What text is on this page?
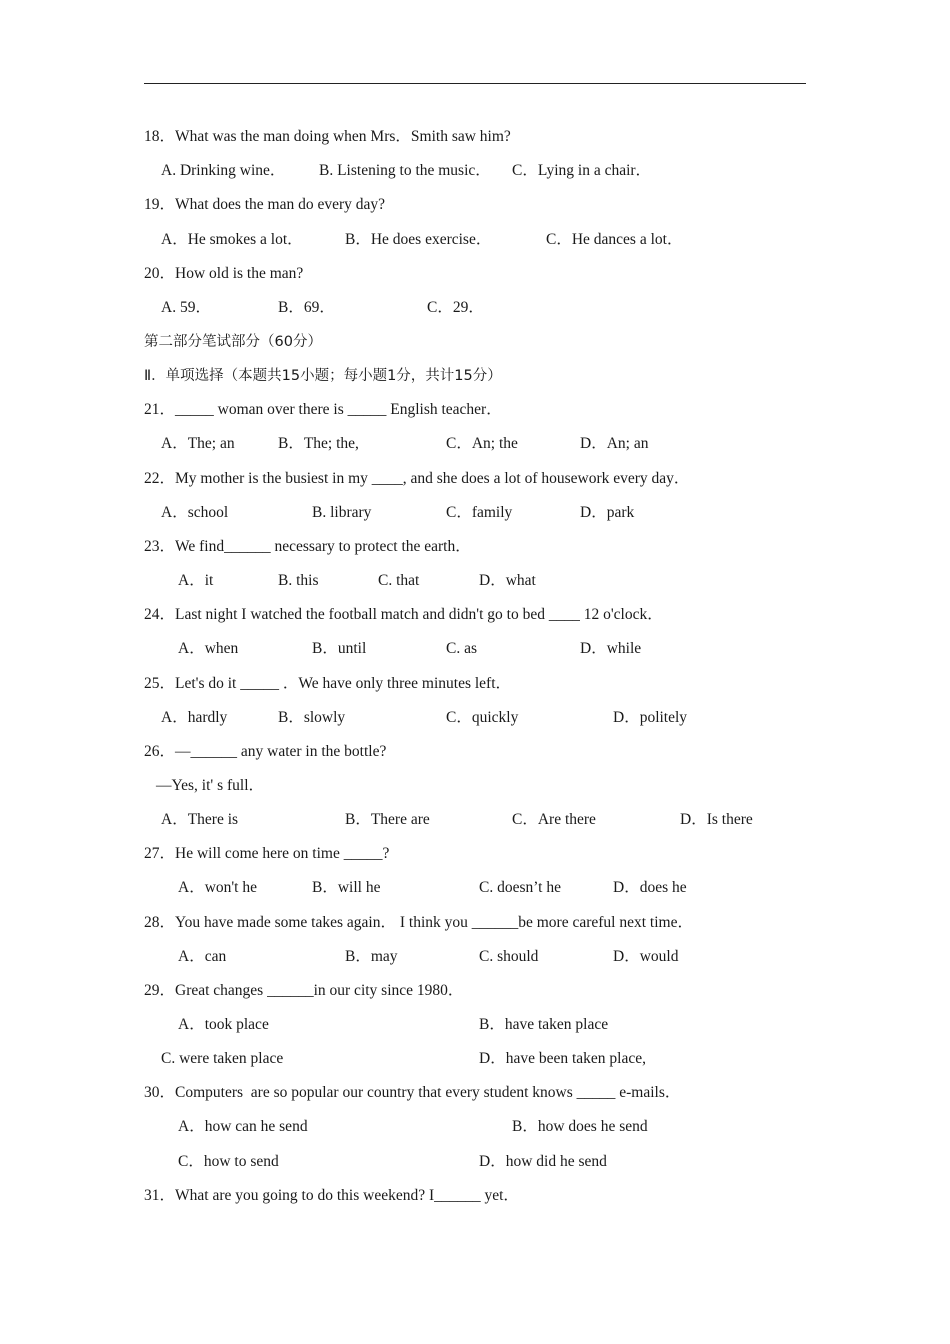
18．What was the man doing when Mrs．Smith saw him?
A. Drinking wine． B. Listening to the music． C．Lying in a chair．
19．What does the man do every day?
A．He smokes a lot．	B．He does exercise．	C．He dances a lot．
20．How old is the man?
A. 59．	B．69．	C．29．
第二部分笔试部分（60分）
Ⅱ．单项选择（本题共15小题；每小题1分，共计15分）
21．_____ woman over there is _____ English teacher．
A．The; an	B．The; the,	C．An; the	D．An; an
22．My mother is the busiest in my ____, and she does a lot of housework every day．
A．school	B. library	C．family	D．park
23．We find______ necessary to protect the earth．
A．it	B. this	C. that	D．what
24．Last night I watched the football match and didn't go to bed ____ 12 o'clock．
A．when	B．until	C. as	D．while
25．Let's do it _____ ．We have only three minutes left．
A．hardly	B．slowly	C．quickly	D．politely
26．—______ any water in the bottle?
—Yes, it' s full．
A．There is	B．There are	C．Are there	D．Is there
27．He will come here on time _____?
A．won't he	B．will he	C. doesn’t he	D．does he
28．You have made some takes again． I think you ______be more careful next time．
A．can	B．may	C. should	D．would
29．Great changes ______in our city since 1980．
A．took place	B．have taken place
C. were taken place	D．have been taken place,
30．Computers  are so popular our country that every student knows _____ e-mails．
A．how can he send	B．how does he send
C．how to send	D．how did he send
31．What are you going to do this weekend? I______ yet．
